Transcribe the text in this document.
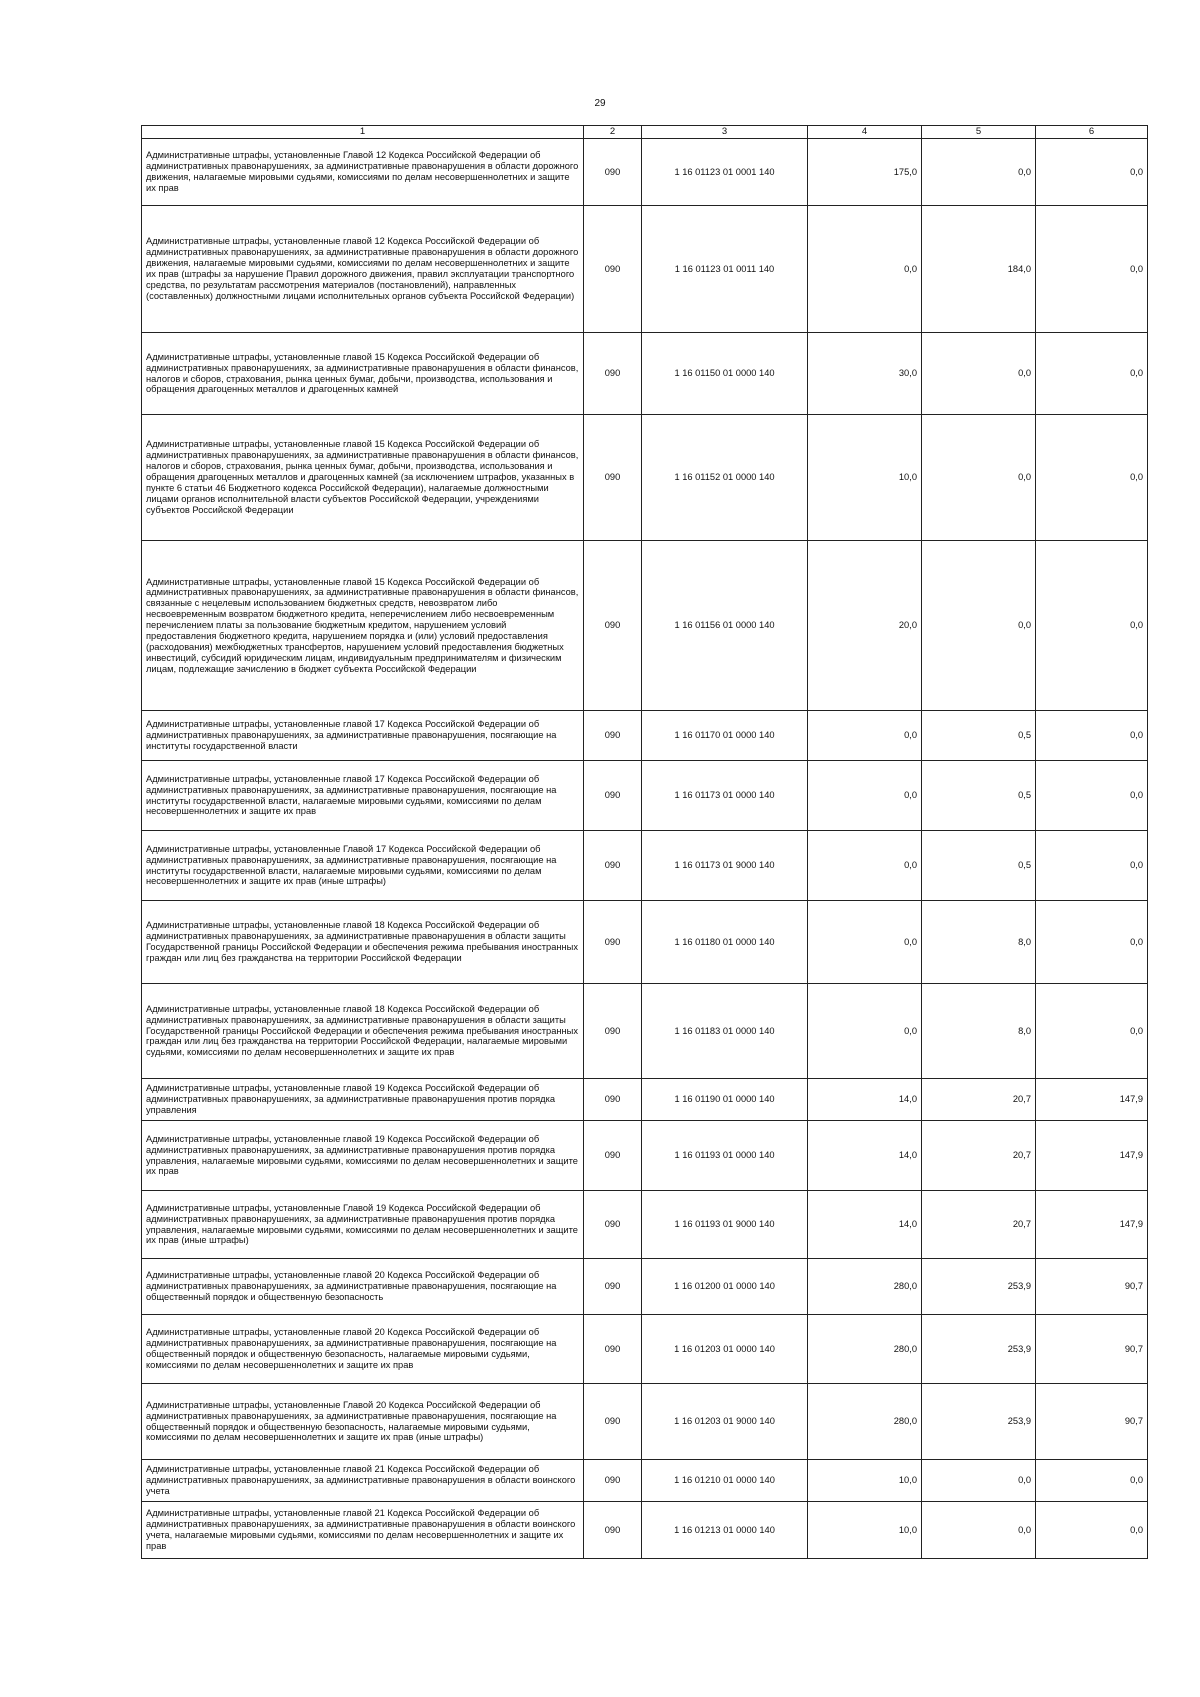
29
1	2	3	4	5	6
Административные штрафы, установленные Главой 12 Кодекса Российской Федерации об административных правонарушениях, за административные правонарушения в области дорожного движения, налагаемые мировыми судьями, комиссиями по делам несовершеннолетних и защите их прав	090	1 16 01123 01 0001 140	175,0	0,0	0,0
Административные штрафы, установленные главой 12 Кодекса Российской Федерации об административных правонарушениях, за административные правонарушения в области дорожного движения, налагаемые мировыми судьями, комиссиями по делам несовершеннолетних и защите их прав (штрафы за нарушение Правил дорожного движения, правил эксплуатации транспортного средства, по результатам рассмотрения материалов (постановлений), направленных (составленных) должностными лицами исполнительных органов субъекта Российской Федерации)	090	1 16 01123 01 0011 140	0,0	184,0	0,0
Административные штрафы, установленные главой 15 Кодекса Российской Федерации об административных правонарушениях, за административные правонарушения в области финансов, налогов и сборов, страхования, рынка ценных бумаг, добычи, производства, использования и обращения драгоценных металлов и драгоценных камней	090	1 16 01150 01 0000 140	30,0	0,0	0,0
Административные штрафы, установленные главой 15 Кодекса Российской Федерации об административных правонарушениях, за административные правонарушения в области финансов, налогов и сборов, страхования, рынка ценных бумаг, добычи, производства, использования и обращения драгоценных металлов и драгоценных камней (за исключением штрафов, указанных в пункте 6 статьи 46 Бюджетного кодекса Российской Федерации), налагаемые должностными лицами органов исполнительной власти субъектов Российской Федерации, учреждениями субъектов Российской Федерации	090	1 16 01152 01 0000 140	10,0	0,0	0,0
Административные штрафы, установленные главой 15 Кодекса Российской Федерации об административных правонарушениях, за административные правонарушения в области финансов, связанные с нецелевым использованием бюджетных средств, невозвратом либо несвоевременным возвратом бюджетного кредита, неперечислением либо несвоевременным перечислением платы за пользование бюджетным кредитом, нарушением условий предоставления бюджетного кредита, нарушением порядка и (или) условий предоставления (расходования) межбюджетных трансфертов, нарушением условий предоставления бюджетных инвестиций, субсидий юридическим лицам, индивидуальным предпринимателям и физическим лицам, подлежащие зачислению в бюджет субъекта Российской Федерации	090	1 16 01156 01 0000 140	20,0	0,0	0,0
Административные штрафы, установленные главой 17 Кодекса Российской Федерации об административных правонарушениях, за административные правонарушения, посягающие на институты государственной власти	090	1 16 01170 01 0000 140	0,0	0,5	0,0
Административные штрафы, установленные главой 17 Кодекса Российской Федерации об административных правонарушениях, за административные правонарушения, посягающие на институты государственной власти, налагаемые мировыми судьями, комиссиями по делам несовершеннолетних и защите их прав	090	1 16 01173 01 0000 140	0,0	0,5	0,0
Административные штрафы, установленные Главой 17 Кодекса Российской Федерации об административных правонарушениях, за административные правонарушения, посягающие на институты государственной власти, налагаемые мировыми судьями, комиссиями по делам несовершеннолетних и защите их прав (иные штрафы)	090	1 16 01173 01 9000 140	0,0	0,5	0,0
Административные штрафы, установленные главой 18 Кодекса Российской Федерации об административных правонарушениях, за административные правонарушения в области защиты Государственной границы Российской Федерации и обеспечения режима пребывания иностранных граждан или лиц без гражданства на территории Российской Федерации	090	1 16 01180 01 0000 140	0,0	8,0	0,0
Административные штрафы, установленные главой 18 Кодекса Российской Федерации об административных правонарушениях, за административные правонарушения в области защиты Государственной границы Российской Федерации и обеспечения режима пребывания иностранных граждан или лиц без гражданства на территории Российской Федерации, налагаемые мировыми судьями, комиссиями по делам несовершеннолетних и защите их прав	090	1 16 01183 01 0000 140	0,0	8,0	0,0
Административные штрафы, установленные главой 19 Кодекса Российской Федерации об административных правонарушениях, за административные правонарушения против порядка управления	090	1 16 01190 01 0000 140	14,0	20,7	147,9
Административные штрафы, установленные главой 19 Кодекса Российской Федерации об административных правонарушениях, за административные правонарушения против порядка управления, налагаемые мировыми судьями, комиссиями по делам несовершеннолетних и защите их прав	090	1 16 01193 01 0000 140	14,0	20,7	147,9
Административные штрафы, установленные Главой 19 Кодекса Российской Федерации об административных правонарушениях, за административные правонарушения против порядка управления, налагаемые мировыми судьями, комиссиями по делам несовершеннолетних и защите их прав (иные штрафы)	090	1 16 01193 01 9000 140	14,0	20,7	147,9
Административные штрафы, установленные главой 20 Кодекса Российской Федерации об административных правонарушениях, за административные правонарушения, посягающие на общественный порядок и общественную безопасность	090	1 16 01200 01 0000 140	280,0	253,9	90,7
Административные штрафы, установленные главой 20 Кодекса Российской Федерации об административных правонарушениях, за административные правонарушения, посягающие на общественный порядок и общественную безопасность, налагаемые мировыми судьями, комиссиями по делам несовершеннолетних и защите их прав	090	1 16 01203 01 0000 140	280,0	253,9	90,7
Административные штрафы, установленные Главой 20 Кодекса Российской Федерации об административных правонарушениях, за административные правонарушения, посягающие на общественный порядок и общественную безопасность, налагаемые мировыми судьями, комиссиями по делам несовершеннолетних и защите их прав (иные штрафы)	090	1 16 01203 01 9000 140	280,0	253,9	90,7
Административные штрафы, установленные главой 21 Кодекса Российской Федерации об административных правонарушениях, за административные правонарушения в области воинского учета	090	1 16 01210 01 0000 140	10,0	0,0	0,0
Административные штрафы, установленные главой 21 Кодекса Российской Федерации об административных правонарушениях, за административные правонарушения в области воинского учета, налагаемые мировыми судьями, комиссиями по делам несовершеннолетних и защите их прав	090	1 16 01213 01 0000 140	10,0	0,0	0,0
